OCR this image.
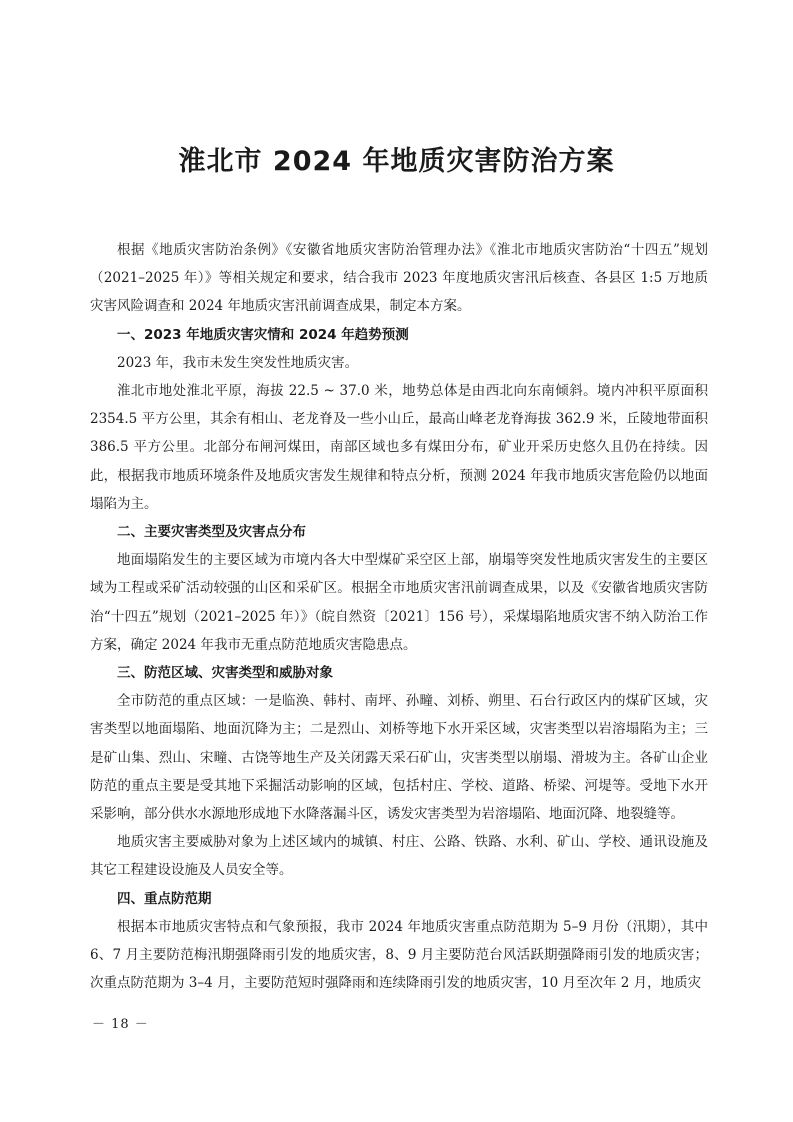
淮北市 2024 年地质灾害防治方案

根据《地质灾害防治条例》《安徽省地质灾害防治管理办法》《淮北市地质灾害防治“十四五”规划（2021–2025 年）》等相关规定和要求，结合我市 2023 年度地质灾害汛后核查、各县区 1:5 万地质灾害风险调查和 2024 年地质灾害汛前调查成果，制定本方案。

一、2023 年地质灾害灾情和 2024 年趋势预测

2023 年，我市未发生突发性地质灾害。

淮北市地处淮北平原，海拔 22.5 ~ 37.0 米，地势总体是由西北向东南倾斜。境内冲积平原面积 2354.5 平方公里，其余有相山、老龙脊及一些小山丘，最高山峰老龙脊海拔 362.9 米，丘陵地带面积 386.5 平方公里。北部分布闸河煤田，南部区域也多有煤田分布，矿业开采历史悠久且仍在持续。因此，根据我市地质环境条件及地质灾害发生规律和特点分析，预测 2024 年我市地质灾害危险仍以地面塌陷为主。

二、主要灾害类型及灾害点分布

地面塌陷发生的主要区域为市境内各大中型煤矿采空区上部，崩塌等突发性地质灾害发生的主要区域为工程或采矿活动较强的山区和采矿区。根据全市地质灾害汛前调查成果，以及《安徽省地质灾害防治“十四五”规划（2021–2025 年）》（皖自然资〔2021〕156 号），采煤塌陷地质灾害不纳入防治工作方案，确定 2024 年我市无重点防范地质灾害隐患点。

三、防范区域、灾害类型和威胁对象

全市防范的重点区域：一是临涣、韩村、南坪、孙疃、刘桥、朔里、石台行政区内的煤矿区域，灾害类型以地面塌陷、地面沉降为主；二是烈山、刘桥等地下水开采区域，灾害类型以岩溶塌陷为主；三是矿山集、烈山、宋疃、古饶等地生产及关闭露天采石矿山，灾害类型以崩塌、滑坡为主。各矿山企业防范的重点主要是受其地下采掘活动影响的区域，包括村庄、学校、道路、桥梁、河堤等。受地下水开采影响，部分供水水源地形成地下水降落漏斗区，诱发灾害类型为岩溶塌陷、地面沉降、地裂缝等。

地质灾害主要威胁对象为上述区域内的城镇、村庄、公路、铁路、水利、矿山、学校、通讯设施及其它工程建设设施及人员安全等。

四、重点防范期

根据本市地质灾害特点和气象预报，我市 2024 年地质灾害重点防范期为 5–9 月份（汛期），其中 6、7 月主要防范梅汛期强降雨引发的地质灾害，8、9 月主要防范台风活跃期强降雨引发的地质灾害；次重点防范期为 3–4 月，主要防范短时强降雨和连续降雨引发的地质灾害，10 月至次年 2 月，地质灾

－ 18 －
